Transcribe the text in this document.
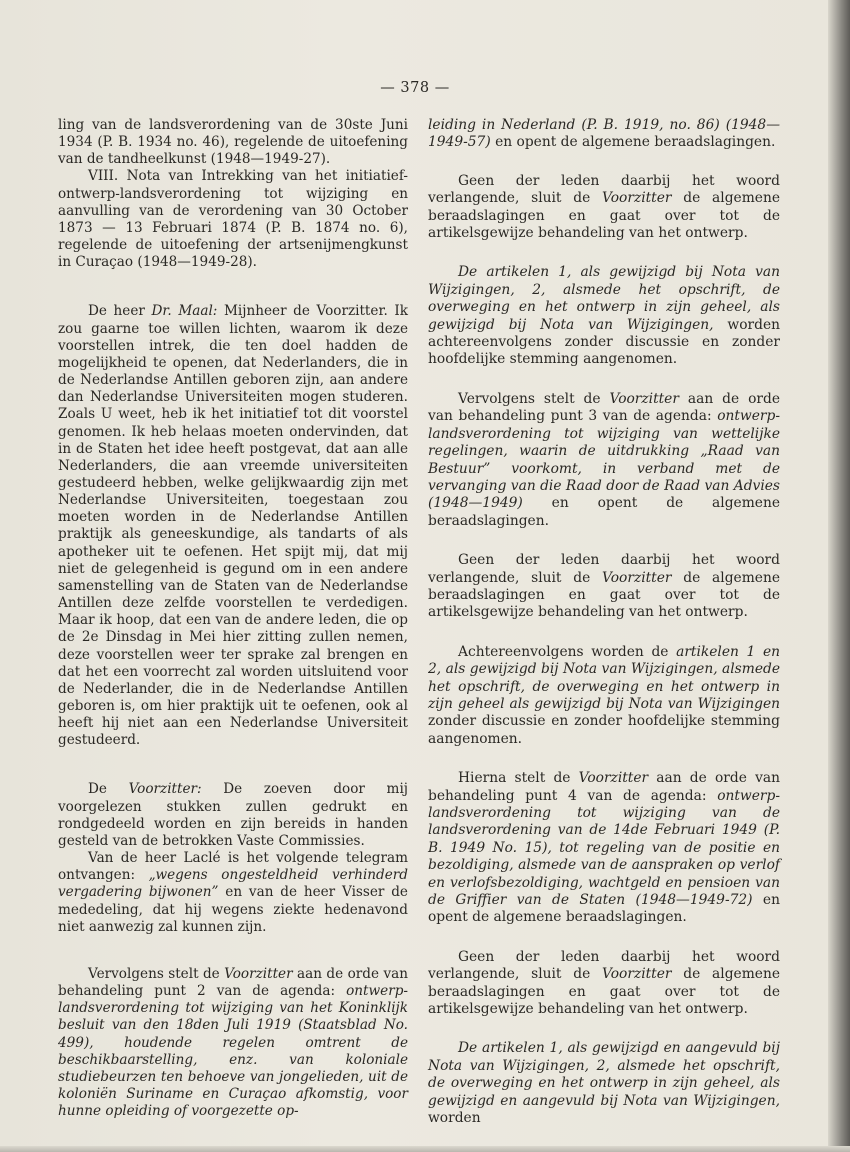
— 378 —

ling van de landsverordening van de 30ste Juni 1934 (P. B. 1934 no. 46), regelende de uitoefening van de tandheelkunst (1948—1949-27).

VIII. Nota van Intrekking van het initiatief-ontwerp-landsverordening tot wijziging en aanvulling van de verordening van 30 October 1873 — 13 Februari 1874 (P. B. 1874 no. 6), regelende de uitoefening der artsenijmengkunst in Curaçao (1948—1949-28).

De heer Dr. Maal: Mijnheer de Voorzitter. Ik zou gaarne toe willen lichten, waarom ik deze voorstellen intrek, die ten doel hadden de mogelijkheid te openen, dat Nederlanders, die in de Nederlandse Antillen geboren zijn, aan andere dan Nederlandse Universiteiten mogen studeren. Zoals U weet, heb ik het initiatief tot dit voorstel genomen. Ik heb helaas moeten ondervinden, dat in de Staten het idee heeft postgevat, dat aan alle Nederlanders, die aan vreemde universiteiten gestudeerd hebben, welke gelijkwaardig zijn met Nederlandse Universiteiten, toegestaan zou moeten worden in de Nederlandse Antillen praktijk als geneeskundige, als tandarts of als apotheker uit te oefenen. Het spijt mij, dat mij niet de gelegenheid is gegund om in een andere samenstelling van de Staten van de Nederlandse Antillen deze zelfde voorstellen te verdedigen. Maar ik hoop, dat een van de andere leden, die op de 2e Dinsdag in Mei hier zitting zullen nemen, deze voorstellen weer ter sprake zal brengen en dat het een voorrecht zal worden uitsluitend voor de Nederlander, die in de Nederlandse Antillen geboren is, om hier praktijk uit te oefenen, ook al heeft hij niet aan een Nederlandse Universiteit gestudeerd.

De Voorzitter: De zoeven door mij voorgelezen stukken zullen gedrukt en rondgedeeld worden en zijn bereids in handen gesteld van de betrokken Vaste Commissies.

Van de heer Laclé is het volgende telegram ontvangen: „wegens ongesteldheid verhinderd vergadering bijwonen” en van de heer Visser de mededeling, dat hij wegens ziekte hedenavond niet aanwezig zal kunnen zijn.

Vervolgens stelt de Voorzitter aan de orde van behandeling punt 2 van de agenda: ontwerp-landsverordening tot wijziging van het Koninklijk besluit van den 18den Juli 1919 (Staatsblad No. 499), houdende regelen omtrent de beschikbaarstelling, enz. van koloniale studiebeurzen ten behoeve van jongelieden, uit de koloniën Suriname en Curaçao afkomstig, voor hunne opleiding of voorgezette op-

leiding in Nederland (P. B. 1919, no. 86) (1948—1949-57) en opent de algemene beraadslagingen.

Geen der leden daarbij het woord verlangende, sluit de Voorzitter de algemene beraadslagingen en gaat over tot de artikelsgewijze behandeling van het ontwerp.

De artikelen 1, als gewijzigd bij Nota van Wijzigingen, 2, alsmede het opschrift, de overweging en het ontwerp in zijn geheel, als gewijzigd bij Nota van Wijzigingen, worden achtereenvolgens zonder discussie en zonder hoofdelijke stemming aangenomen.

Vervolgens stelt de Voorzitter aan de orde van behandeling punt 3 van de agenda: ontwerp-landsverordening tot wijziging van wettelijke regelingen, waarin de uitdrukking „Raad van Bestuur” voorkomt, in verband met de vervanging van die Raad door de Raad van Advies (1948—1949) en opent de algemene beraadslagingen.

Geen der leden daarbij het woord verlangende, sluit de Voorzitter de algemene beraadslagingen en gaat over tot de artikelsgewijze behandeling van het ontwerp.

Achtereenvolgens worden de artikelen 1 en 2, als gewijzigd bij Nota van Wijzigingen, alsmede het opschrift, de overweging en het ontwerp in zijn geheel als gewijzigd bij Nota van Wijzigingen zonder discussie en zonder hoofdelijke stemming aangenomen.

Hierna stelt de Voorzitter aan de orde van behandeling punt 4 van de agenda: ontwerp-landsverordening tot wijziging van de landsverordening van de 14de Februari 1949 (P. B. 1949 No. 15), tot regeling van de positie en bezoldiging, alsmede van de aanspraken op verlof en verlofsbezoldiging, wachtgeld en pensioen van de Griffier van de Staten (1948—1949-72) en opent de algemene beraadslagingen.

Geen der leden daarbij het woord verlangende, sluit de Voorzitter de algemene beraadslagingen en gaat over tot de artikelsgewijze behandeling van het ontwerp.

De artikelen 1, als gewijzigd en aangevuld bij Nota van Wijzigingen, 2, alsmede het opschrift, de overweging en het ontwerp in zijn geheel, als gewijzigd en aangevuld bij Nota van Wijzigingen, worden
